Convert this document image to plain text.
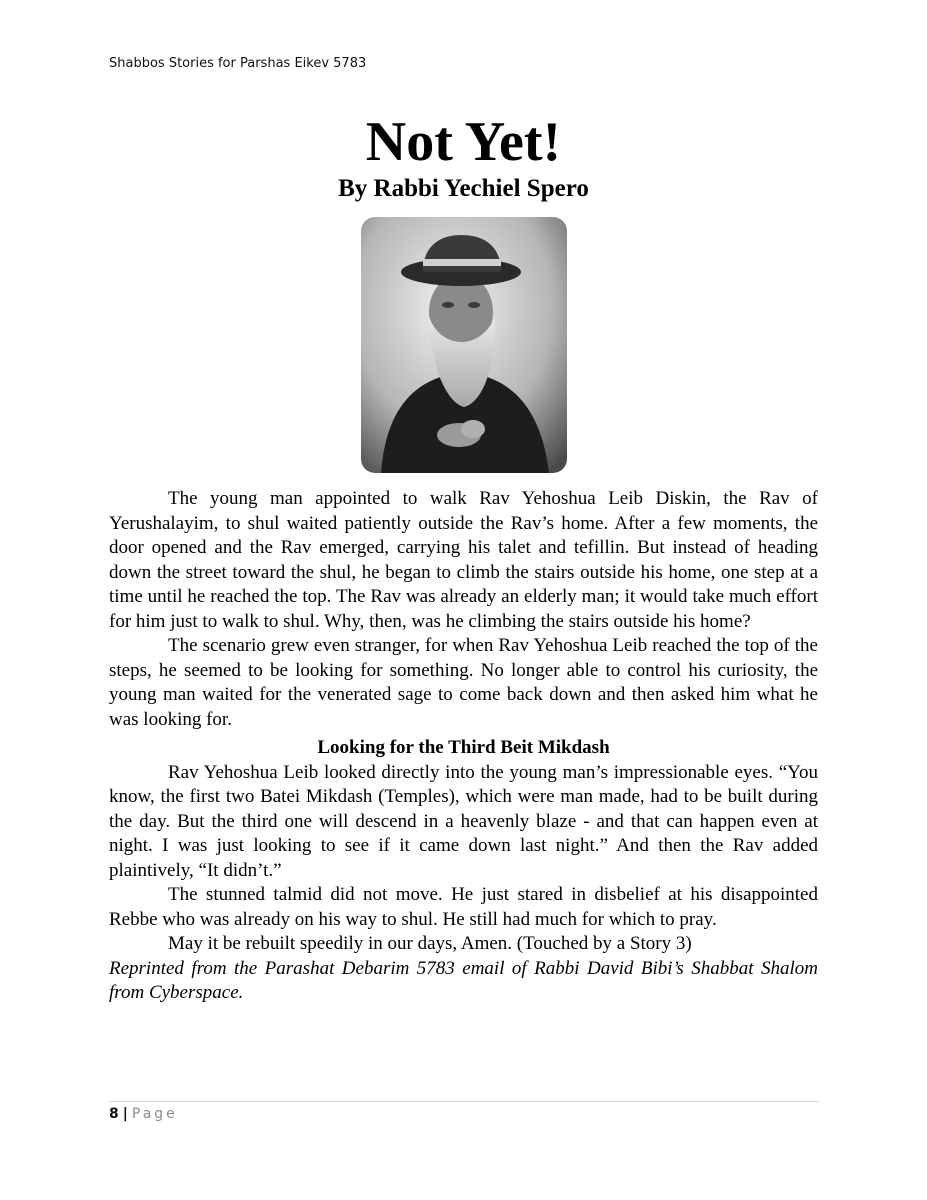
Shabbos Stories for Parshas Eikev 5783
Not Yet!
By Rabbi Yechiel Spero

The young man appointed to walk Rav Yehoshua Leib Diskin, the Rav of Yerushalayim, to shul waited patiently outside the Rav’s home. After a few moments, the door opened and the Rav emerged, carrying his talet and tefillin. But instead of heading down the street toward the shul, he began to climb the stairs outside his home, one step at a time until he reached the top. The Rav was already an elderly man; it would take much effort for him just to walk to shul. Why, then, was he climbing the stairs outside his home?

The scenario grew even stranger, for when Rav Yehoshua Leib reached the top of the steps, he seemed to be looking for something. No longer able to control his curiosity, the young man waited for the venerated sage to come back down and then asked him what he was looking for.

Looking for the Third Beit Mikdash

Rav Yehoshua Leib looked directly into the young man’s impressionable eyes. “You know, the first two Batei Mikdash (Temples), which were man made, had to be built during the day. But the third one will descend in a heavenly blaze - and that can happen even at night. I was just looking to see if it came down last night.” And then the Rav added plaintively, “It didn’t.”

The stunned talmid did not move. He just stared in disbelief at his disappointed Rebbe who was already on his way to shul. He still had much for which to pray.

May it be rebuilt speedily in our days, Amen. (Touched by a Story 3)

Reprinted from the Parashat Debarim 5783 email of Rabbi David Bibi’s Shabbat Shalom from Cyberspace.

8 | Page
